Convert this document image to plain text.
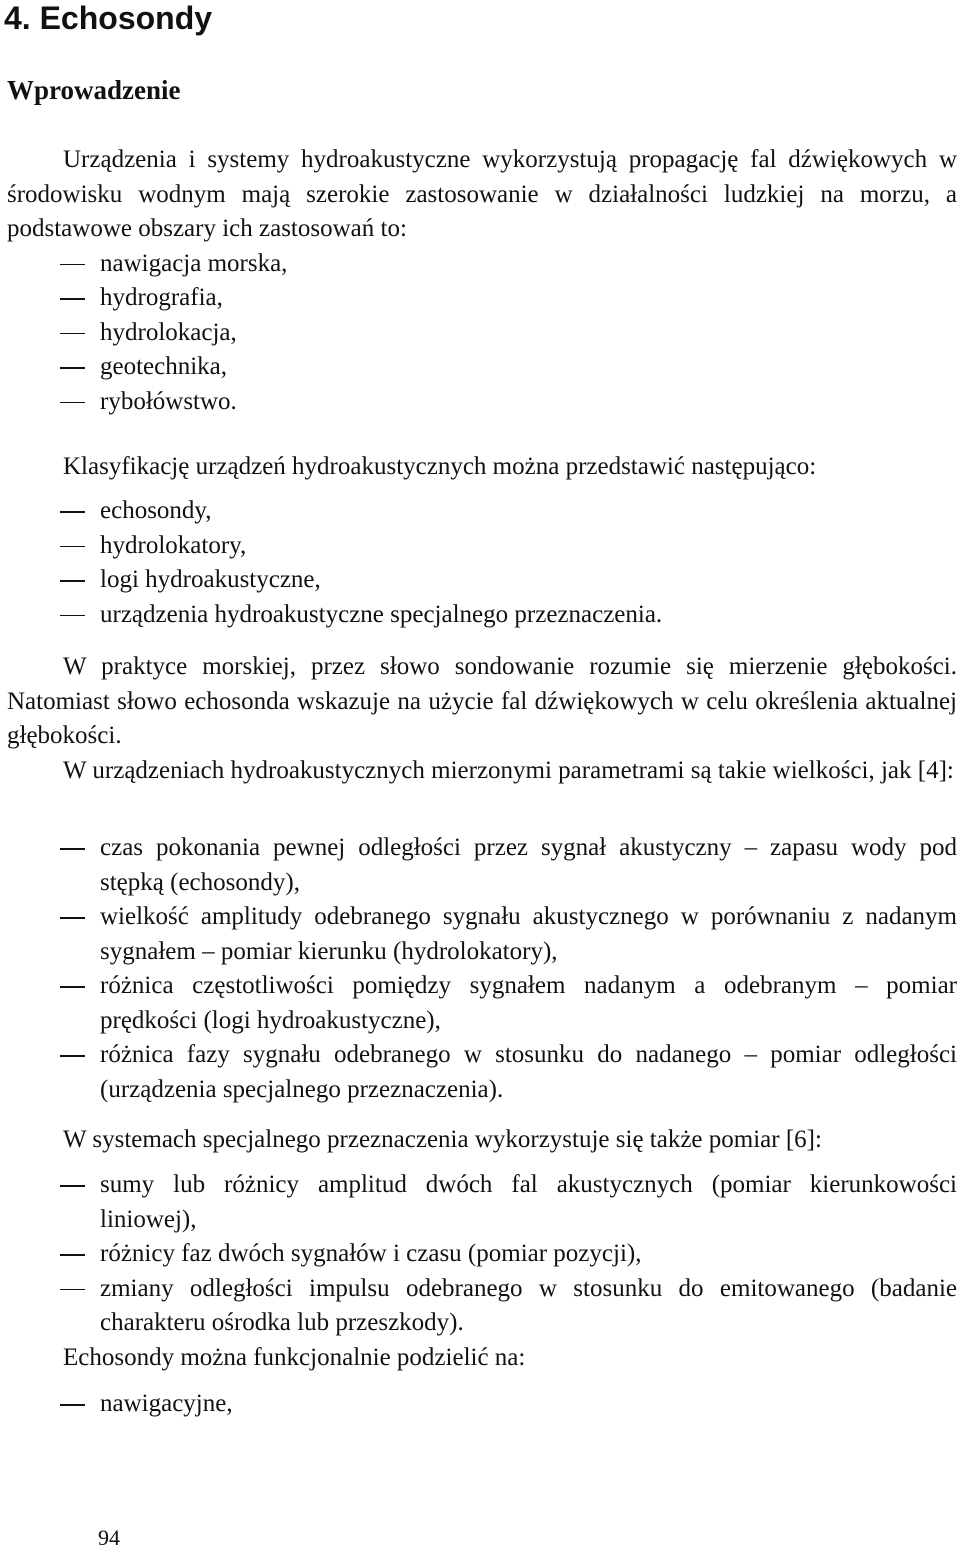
4. Echosondy
Wprowadzenie

Urządzenia i systemy hydroakustyczne wykorzystują propagację fal dźwiękowych w środowisku wodnym mają szerokie zastosowanie w działalności ludzkiej na morzu, a podstawowe obszary ich zastosowań to:

nawigacja morska,
hydrografia,
hydrolokacja,
geotechnika,
rybołówstwo.

Klasyfikację urządzeń hydroakustycznych można przedstawić następująco:

echosondy,
hydrolokatory,
logi hydroakustyczne,
urządzenia hydroakustyczne specjalnego przeznaczenia.

W praktyce morskiej, przez słowo sondowanie rozumie się mierzenie głębokości. Natomiast słowo echosonda wskazuje na użycie fal dźwiękowych w celu określenia aktualnej głębokości.

W urządzeniach hydroakustycznych mierzonymi parametrami są takie wielkości, jak [4]:

czas pokonania pewnej odległości przez sygnał akustyczny – zapasu wody pod stępką (echosondy),
wielkość amplitudy odebranego sygnału akustycznego w porównaniu z nadanym sygnałem – pomiar kierunku (hydrolokatory),
różnica częstotliwości pomiędzy sygnałem nadanym a odebranym – pomiar prędkości (logi hydroakustyczne),
różnica fazy sygnału odebranego w stosunku do nadanego – pomiar odległości (urządzenia specjalnego przeznaczenia).

W systemach specjalnego przeznaczenia wykorzystuje się także pomiar [6]:

sumy lub różnicy amplitud dwóch fal akustycznych (pomiar kierunkowości liniowej),
różnicy faz dwóch sygnałów i czasu (pomiar pozycji),
zmiany odległości impulsu odebranego w stosunku do emitowanego (badanie charakteru ośrodka lub przeszkody).

Echosondy można funkcjonalnie podzielić na:

nawigacyjne,

94
